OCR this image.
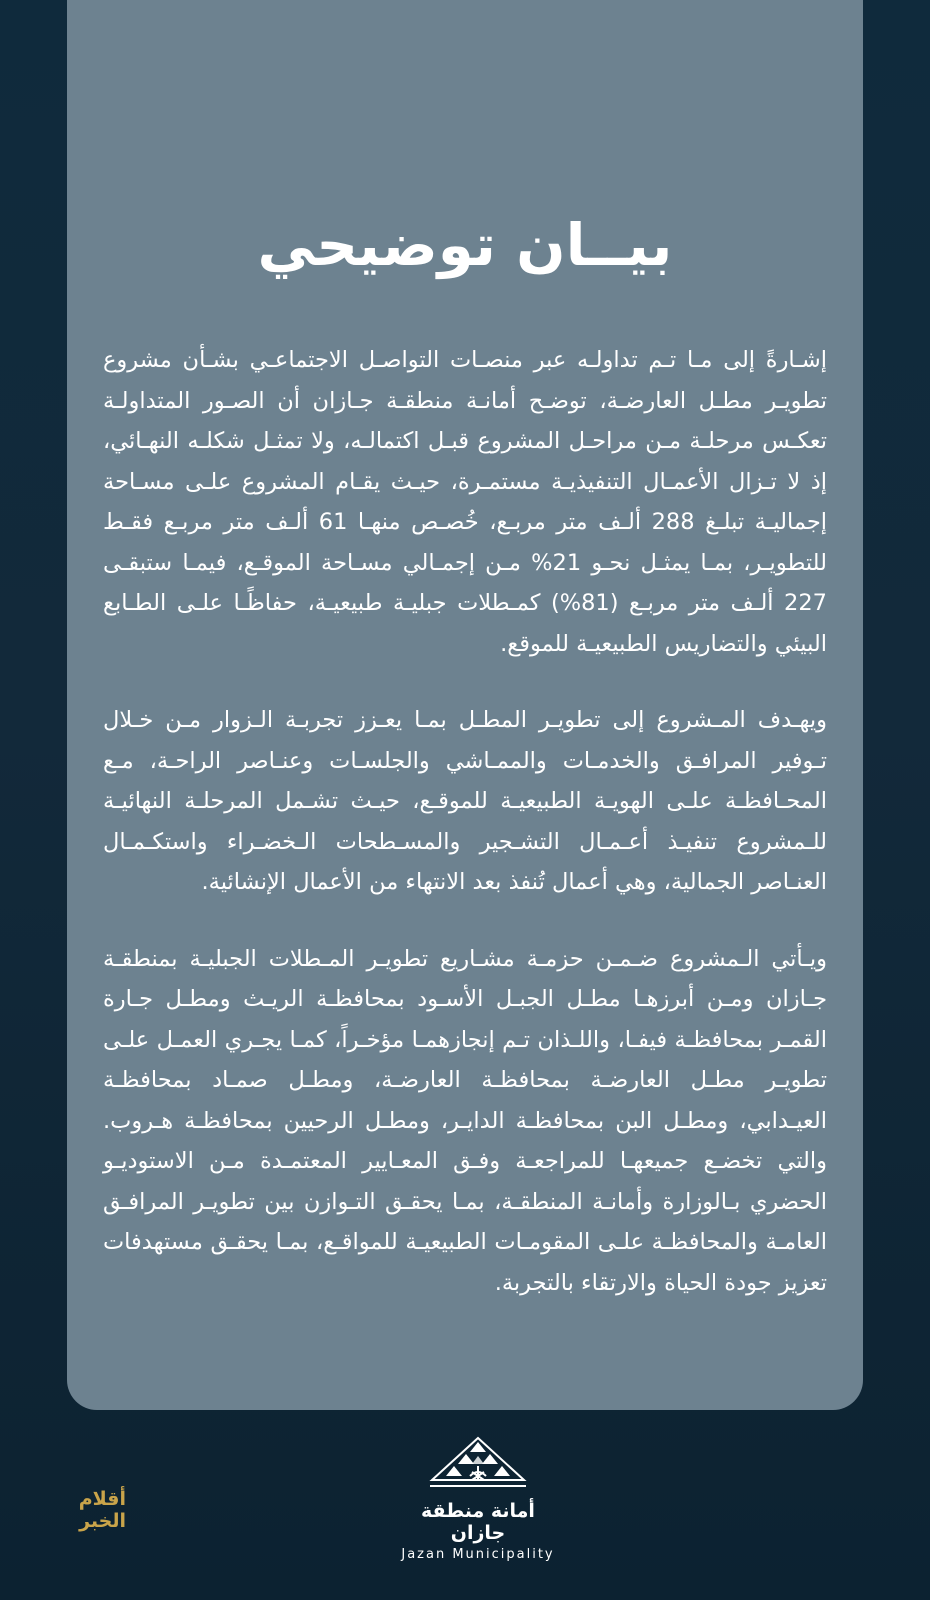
بيــان توضيحي

إشـارةً إلى مـا تـم تداولـه عبر منصـات التواصـل الاجتماعـي بشـأن مشروع تطويـر مطـل العارضـة، توضـح أمانـة منطقـة جـازان أن الصـور المتداولـة تعكـس مرحلـة مـن مراحـل المشروع قبـل اكتمالـه، ولا تمثـل شكلـه النهـائي، إذ لا تـزال الأعمـال التنفيذيـة مستمـرة، حيـث يقـام المشروع علـى مسـاحة إجماليـة تبلـغ 288 ألـف متر مربـع، خُصـص منهـا 61 ألـف متر مربـع فقـط للتطويـر، بمـا يمثـل نحـو 21% مـن إجمـالي مسـاحة الموقـع، فيمـا ستبقـى 227 ألـف متر مربـع (81%) كمـطلات جبليـة طبيعيـة، حفاظًـا علـى الطـابع البيئي والتضاريس الطبيعيـة للموقع.

ويهـدف المـشروع إلى تطويـر المطـل بمـا يعـزز تجربـة الـزوار مـن خـلال تـوفير المرافـق والخدمـات والممـاشي والجلسـات وعنـاصر الراحـة، مـع المحـافظـة علـى الهويـة الطبيعيـة للموقـع، حيـث تشـمل المرحلـة النهائيـة للـمشروع تنفيـذ أعـمـال التشـجير والمسـطحات الـخضـراء واستكـمـال العنـاصر الجمالية، وهي أعمال تُنفذ بعد الانتهاء من الأعمال الإنشائية.

ويـأتي الـمشروع ضـمـن حزمـة مشـاريع تطويـر المـطلات الجبليـة بمنطقـة جـازان ومـن أبرزهـا مطـل الجبـل الأسـود بمحافظـة الريـث ومطـل جـارة القمـر بمحافظـة فيفـا، واللـذان تـم إنجازهمـا مؤخـراً، كمـا يجـري العمـل علـى تطويـر مطـل العارضـة بمحافظـة العارضـة، ومطـل صمـاد بمحافظـة العيـدابي، ومطـل البن بمحافظـة الدايـر، ومطـل الرحيين بمحافظـة هـروب. والتي تخضـع جميعهـا للمراجعـة وفـق المعـايير المعتمـدة مـن الاستوديـو الحضري بـالوزارة وأمانـة المنطقـة، بمـا يحقـق التـوازن بين تطويـر المرافـق العامـة والمحافظـة علـى المقومـات الطبيعيـة للمواقـع، بمـا يحقـق مستهدفات تعزيز جودة الحياة والارتقاء بالتجربة.

أمانة منطقة جازان
Jazan Municipality
أقلام
الخبر
